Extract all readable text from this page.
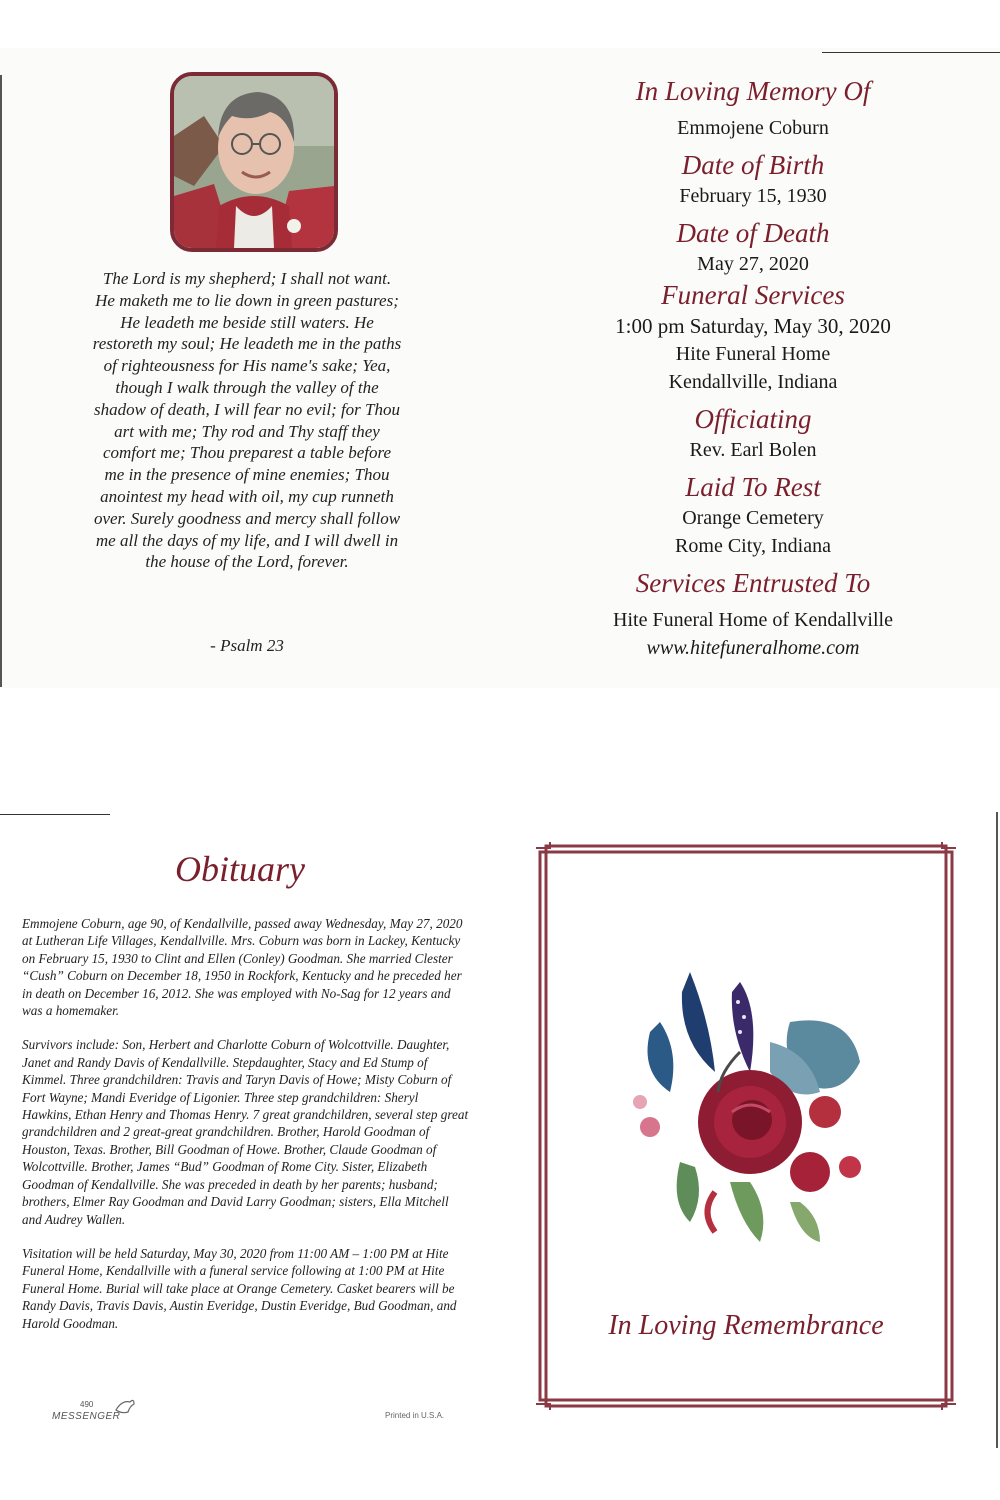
The Lord is my shepherd; I shall not want. He maketh me to lie down in green pastures; He leadeth me beside still waters. He restoreth my soul; He leadeth me in the paths of righteousness for His name's sake; Yea, though I walk through the valley of the shadow of death, I will fear no evil; for Thou art with me; Thy rod and Thy staff they comfort me; Thou preparest a table before me in the presence of mine enemies; Thou anointest my head with oil, my cup runneth over. Surely goodness and mercy shall follow me all the days of my life, and I will dwell in the house of the Lord, forever.
- Psalm 23
In Loving Memory Of
Emmojene Coburn
Date of Birth
February 15, 1930
Date of Death
May 27, 2020
Funeral Services
1:00 pm Saturday, May 30, 2020
Hite Funeral Home
Kendallville, Indiana
Officiating
Rev. Earl Bolen
Laid To Rest
Orange Cemetery
Rome City, Indiana
Services Entrusted To
Hite Funeral Home of Kendallville
www.hitefuneralhome.com
Obituary

Emmojene Coburn, age 90, of Kendallville, passed away Wednesday, May 27, 2020 at Lutheran Life Villages, Kendallville. Mrs. Coburn was born in Lackey, Kentucky on February 15, 1930 to Clint and Ellen (Conley) Goodman. She married Clester “Cush” Coburn on December 18, 1950 in Rockfork, Kentucky and he preceded her in death on December 16, 2012. She was employed with No-Sag for 12 years and was a homemaker.

Survivors include: Son, Herbert and Charlotte Coburn of Wolcottville. Daughter, Janet and Randy Davis of Kendallville. Stepdaughter, Stacy and Ed Stump of Kimmel. Three grandchildren: Travis and Taryn Davis of Howe; Misty Coburn of Fort Wayne; Mandi Everidge of Ligonier. Three step grandchildren: Sheryl Hawkins, Ethan Henry and Thomas Henry. 7 great grandchildren, several step great grandchildren and 2 great-great grandchildren. Brother, Harold Goodman of Houston, Texas. Brother, Bill Goodman of Howe. Brother, Claude Goodman of Wolcottville. Brother, James “Bud” Goodman of Rome City. Sister, Elizabeth Goodman of Kendallville. She was preceded in death by her parents; husband; brothers, Elmer Ray Goodman and David Larry Goodman; sisters, Ella Mitchell and Audrey Wallen.

Visitation will be held Saturday, May 30, 2020 from 11:00 AM – 1:00 PM at Hite Funeral Home, Kendallville with a funeral service following at 1:00 PM at Hite Funeral Home. Burial will take place at Orange Cemetery. Casket bearers will be Randy Davis, Travis Davis, Austin Everidge, Dustin Everidge, Bud Goodman, and Harold Goodman.

490
MESSENGER	Printed in U.S.A.
In Loving Remembrance
